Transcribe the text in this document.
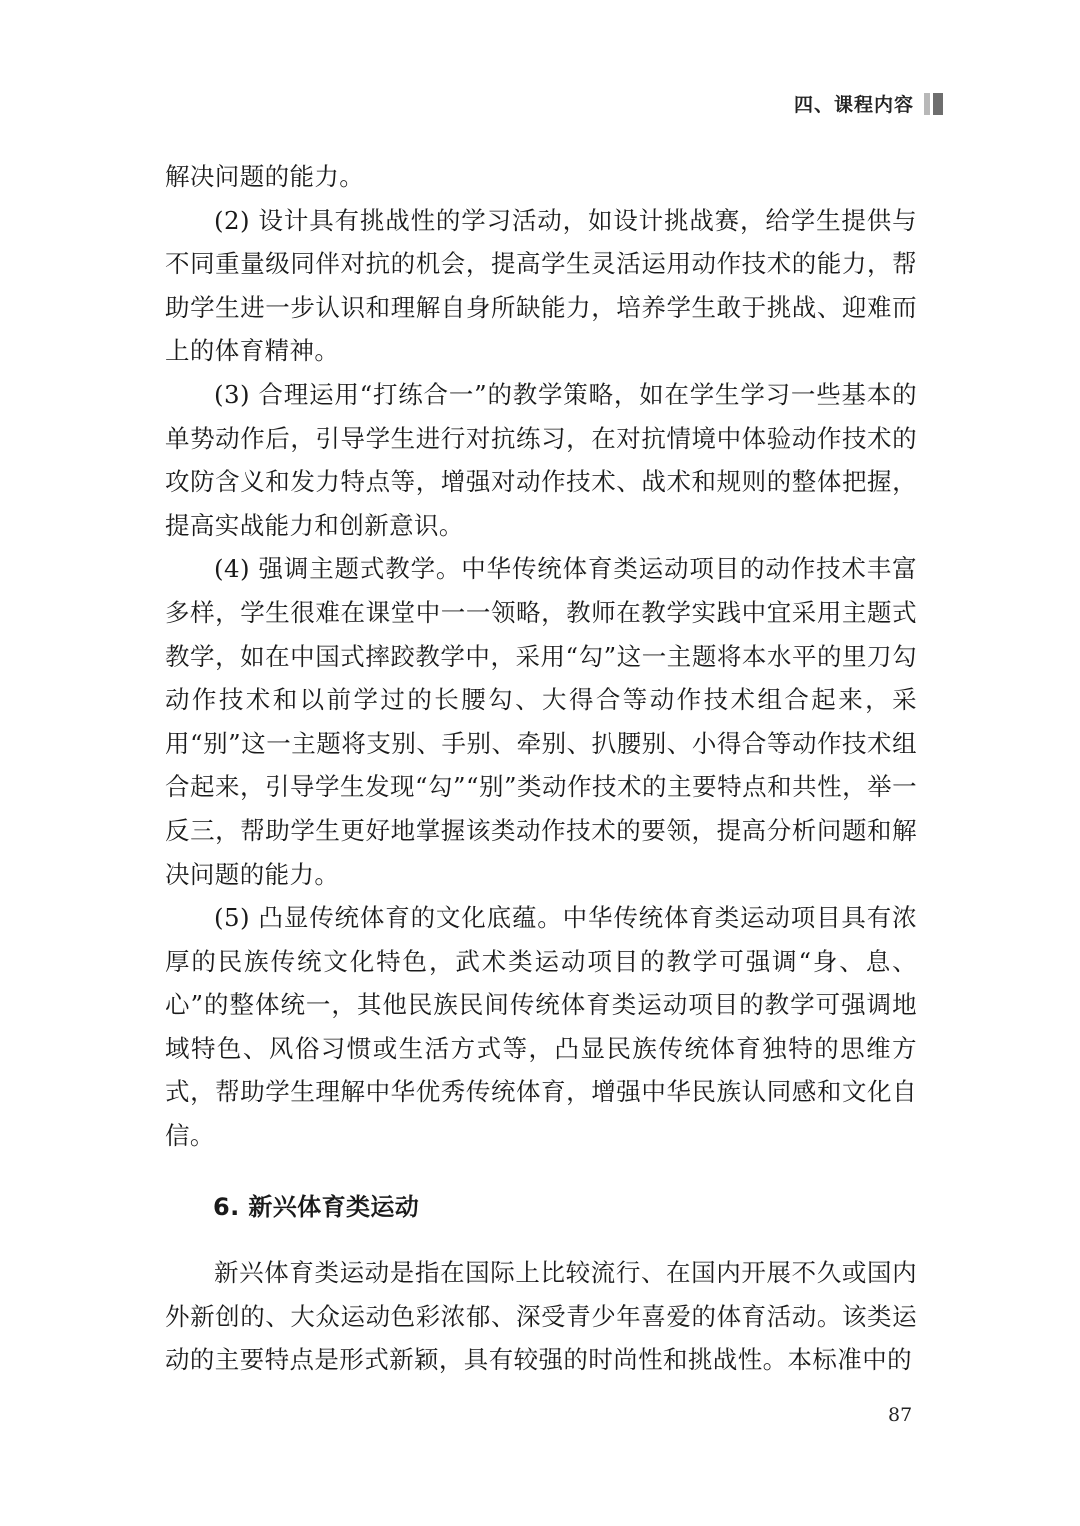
四、课程内容

解决问题的能力。

(2) 设计具有挑战性的学习活动，如设计挑战赛，给学生提供与不同重量级同伴对抗的机会，提高学生灵活运用动作技术的能力，帮助学生进一步认识和理解自身所缺能力，培养学生敢于挑战、迎难而上的体育精神。

(3) 合理运用“打练合一”的教学策略，如在学生学习一些基本的单势动作后，引导学生进行对抗练习，在对抗情境中体验动作技术的攻防含义和发力特点等，增强对动作技术、战术和规则的整体把握，提高实战能力和创新意识。

(4) 强调主题式教学。中华传统体育类运动项目的动作技术丰富多样，学生很难在课堂中一一领略，教师在教学实践中宜采用主题式教学，如在中国式摔跤教学中，采用“勾”这一主题将本水平的里刀勾动作技术和以前学过的长腰勾、大得合等动作技术组合起来，采用“别”这一主题将支别、手别、牵别、扒腰别、小得合等动作技术组合起来，引导学生发现“勾”“别”类动作技术的主要特点和共性，举一反三，帮助学生更好地掌握该类动作技术的要领，提高分析问题和解决问题的能力。

(5) 凸显传统体育的文化底蕴。中华传统体育类运动项目具有浓厚的民族传统文化特色，武术类运动项目的教学可强调“身、息、心”的整体统一，其他民族民间传统体育类运动项目的教学可强调地域特色、风俗习惯或生活方式等，凸显民族传统体育独特的思维方式，帮助学生理解中华优秀传统体育，增强中华民族认同感和文化自信。

6. 新兴体育类运动

新兴体育类运动是指在国际上比较流行、在国内开展不久或国内外新创的、大众运动色彩浓郁、深受青少年喜爱的体育活动。该类运动的主要特点是形式新颖，具有较强的时尚性和挑战性。本标准中的

87
